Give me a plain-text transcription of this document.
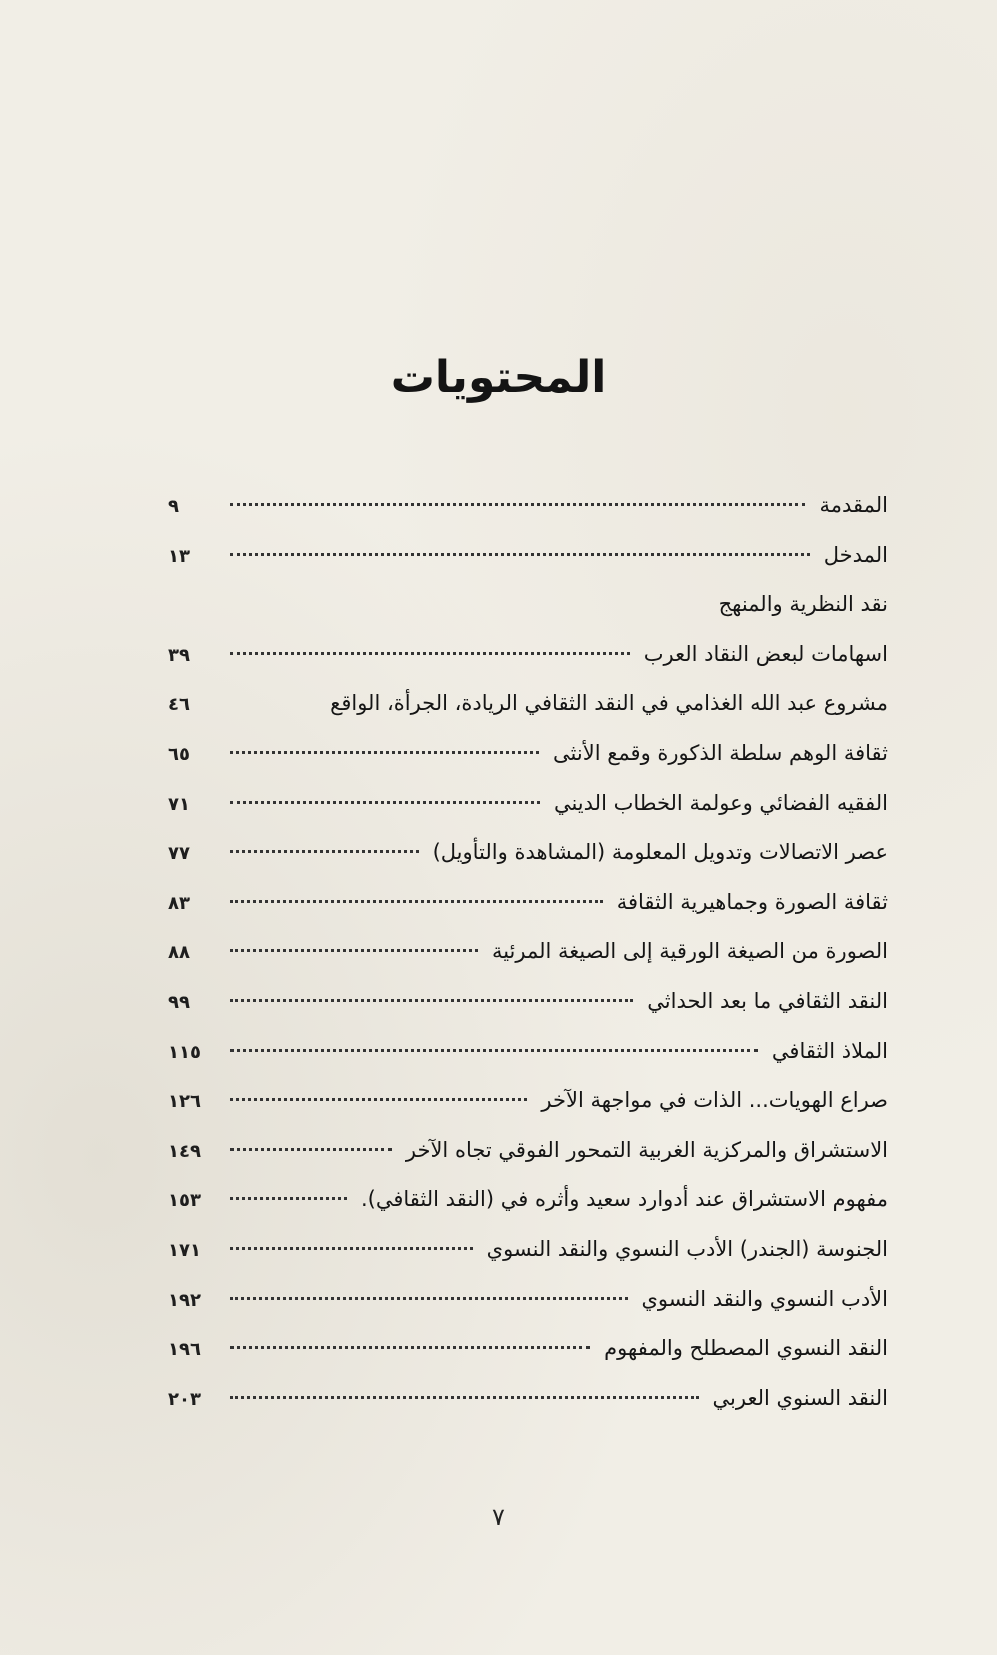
المحتويات
المقدمة
٩
المدخل
١٣
نقد النظرية والمنهج
اسهامات لبعض النقاد العرب
٣٩
مشروع عبد الله الغذامي في النقد الثقافي الريادة، الجرأة، الواقع
٤٦
ثقافة الوهم سلطة الذكورة وقمع الأنثى
٦٥
الفقيه الفضائي وعولمة الخطاب الديني
٧١
عصر الاتصالات وتدويل المعلومة (المشاهدة والتأويل)
٧٧
ثقافة الصورة وجماهيرية الثقافة
٨٣
الصورة من الصيغة الورقية إلى الصيغة المرئية
٨٨
النقد الثقافي ما بعد الحداثي
٩٩
الملاذ الثقافي
١١٥
صراع الهويات... الذات في مواجهة الآخر
١٢٦
الاستشراق والمركزية الغربية التمحور الفوقي تجاه الآخر
١٤٩
مفهوم الاستشراق عند أدوارد سعيد وأثره في (النقد الثقافي).
١٥٣
الجنوسة (الجندر) الأدب النسوي والنقد النسوي
١٧١
الأدب النسوي والنقد النسوي
١٩٢
النقد النسوي المصطلح والمفهوم
١٩٦
النقد السنوي العربي
٢٠٣
٧
